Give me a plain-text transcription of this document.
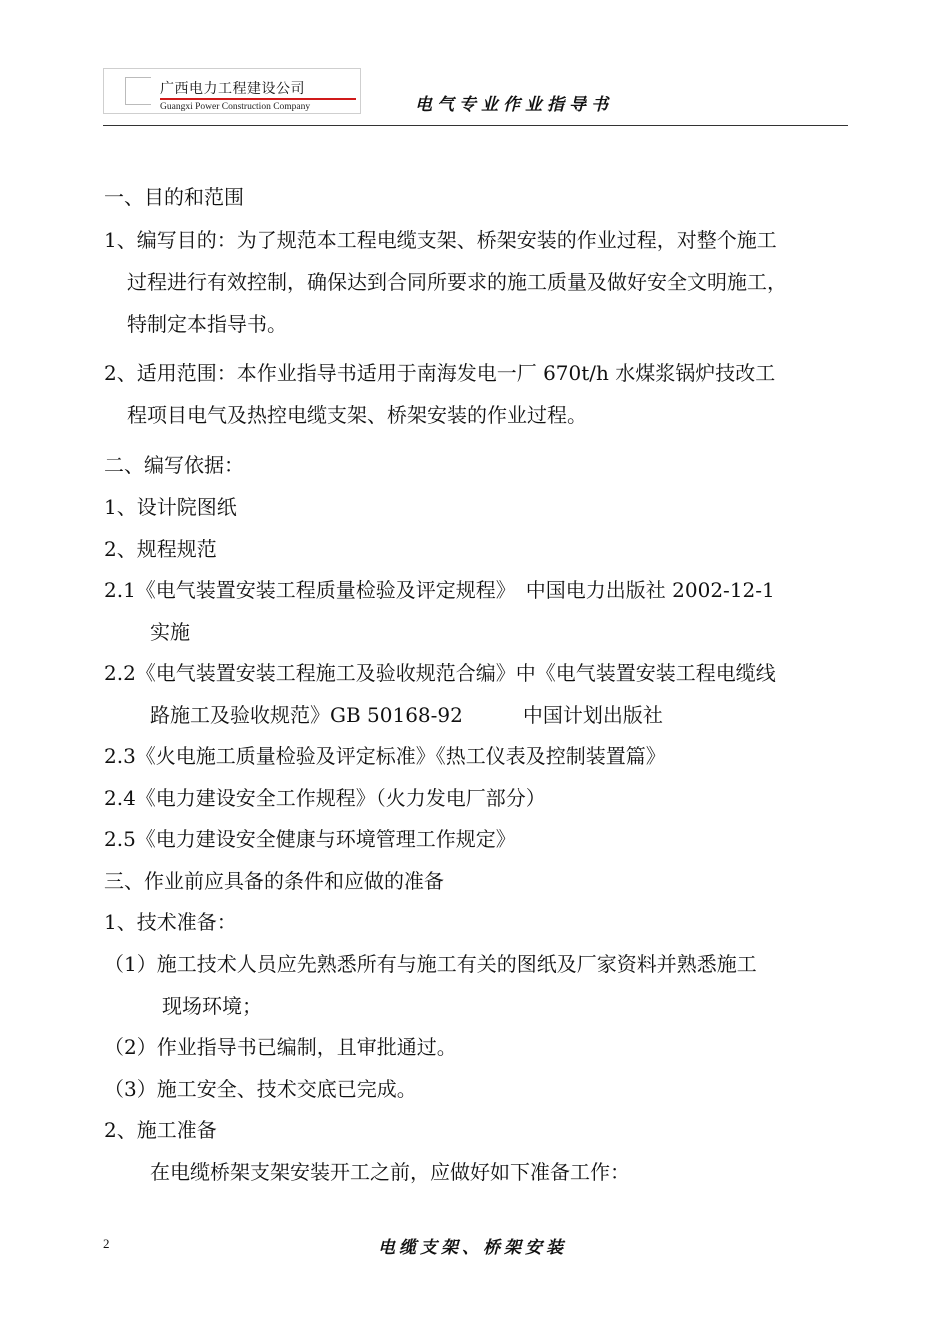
广西电力工程建设公司
Guangxi Power Construction Company	电气专业作业指导书
一、目的和范围
1、编写目的：为了规范本工程电缆支架、桥架安装的作业过程，对整个施工
过程进行有效控制，确保达到合同所要求的施工质量及做好安全文明施工，
特制定本指导书。
2、适用范围：本作业指导书适用于南海发电一厂 670t/h 水煤浆锅炉技改工
程项目电气及热控电缆支架、桥架安装的作业过程。
二、编写依据：
1、设计院图纸
2、规程规范
2.1《电气装置安装工程质量检验及评定规程》　中国电力出版社 2002-12-1
实施
2.2《电气装置安装工程施工及验收规范合编》中《电气装置安装工程电缆线
路施工及验收规范》GB 50168-92　　　中国计划出版社
2.3《火电施工质量检验及评定标准》《热工仪表及控制装置篇》
2.4《电力建设安全工作规程》（火力发电厂部分）
2.5《电力建设安全健康与环境管理工作规定》
三、作业前应具备的条件和应做的准备
1、技术准备：
（1）施工技术人员应先熟悉所有与施工有关的图纸及厂家资料并熟悉施工
现场环境；
（2）作业指导书已编制，且审批通过。
（3）施工安全、技术交底已完成。
2、施工准备
在电缆桥架支架安装开工之前，应做好如下准备工作：
2	电缆支架、桥架安装
